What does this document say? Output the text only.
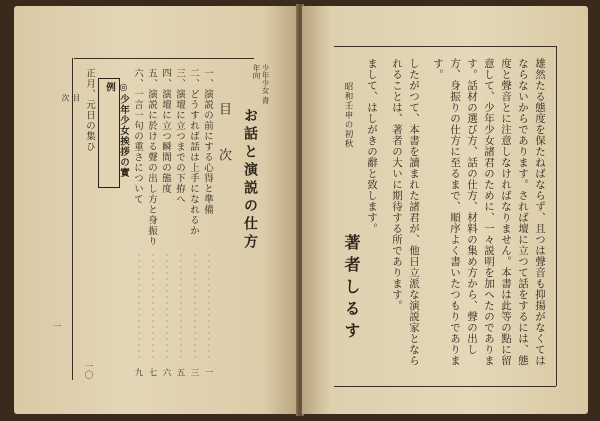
少年少女 青年向
お話と演説の仕方
目　次
一、演説の前にする心得と準備
二、どうすれば話は上手になれるか
三、演壇に立つまでの下拵へ
四、演壇に立つ瞬間の態度
五、演説に於ける聲の出し方と身振り
六、一言一句の重さについて
一
三
五
六
七
九
◎少年少女挨拶の實例
正月、元日の集ひ
一〇
目　次
一	雄然たる態度を保たねばならず、且つは聲音も抑揚がなくてはならないからであります。されば壇に立つて話をするには、態度と聲音とに注意しなければなりません。本書は此等の點に留意して、少年少女諸君のために、一々説明を加へたのであります。話材の選び方、話の仕方、材料の集め方から、聲の出し方、身振りの仕方に至るまで、順序よく書いたつもりであります。
したがつて、本書を讀まれた諸君が、他日立派な演説家となられることは、著者の大いに期待する所であります。
まして、はしがきの辭と致します。
昭和壬申の初秋
著者しるす
